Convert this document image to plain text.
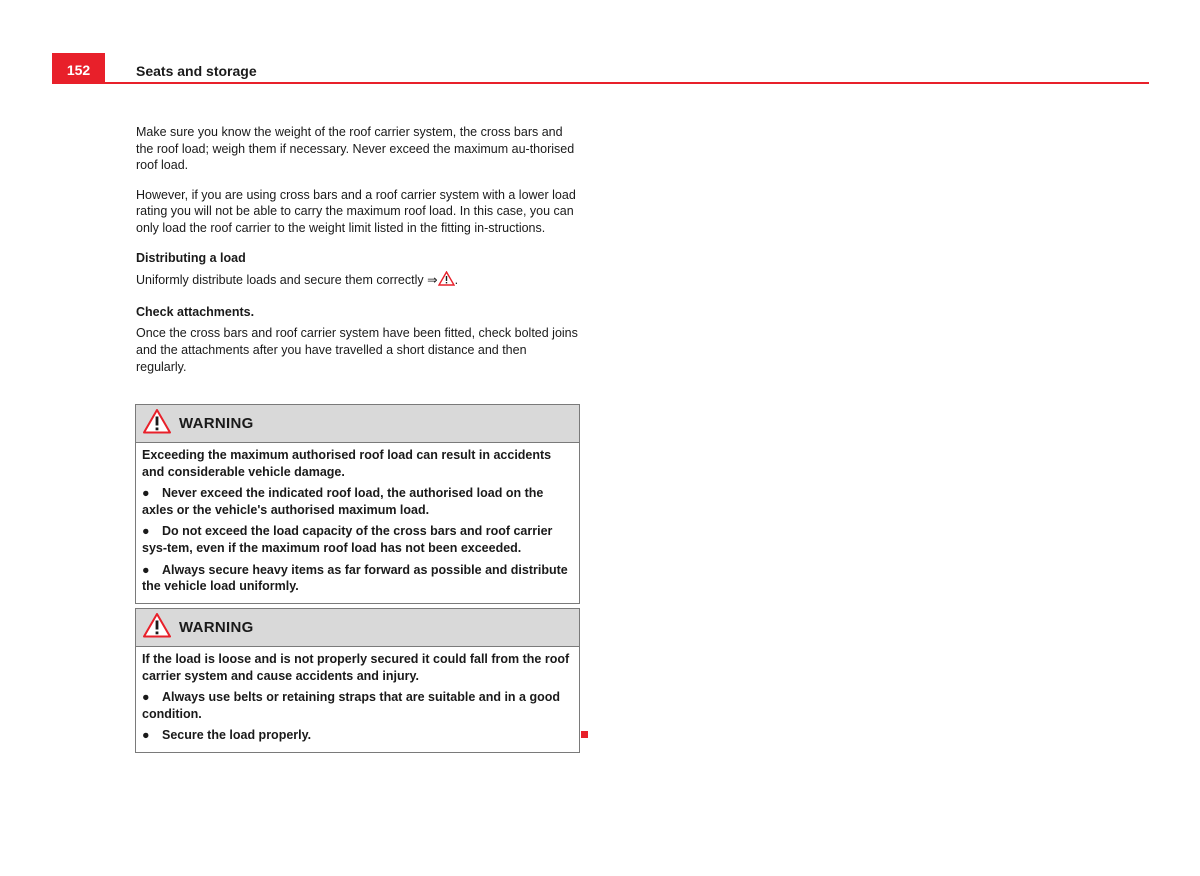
152	Seats and storage

Make sure you know the weight of the roof carrier system, the cross bars and the roof load; weigh them if necessary. Never exceed the maximum au-thorised roof load.

However, if you are using cross bars and a roof carrier system with a lower load rating you will not be able to carry the maximum roof load. In this case, you can only load the roof carrier to the weight limit listed in the fitting in-structions.

Distributing a load

Uniformly distribute loads and secure them correctly ⇒ .

Check attachments.

Once the cross bars and roof carrier system have been fitted, check bolted joins and the attachments after you have travelled a short distance and then regularly.

WARNING

Exceeding the maximum authorised roof load can result in accidents and considerable vehicle damage.

● Never exceed the indicated roof load, the authorised load on the axles or the vehicle's authorised maximum load.

● Do not exceed the load capacity of the cross bars and roof carrier sys-tem, even if the maximum roof load has not been exceeded.

● Always secure heavy items as far forward as possible and distribute the vehicle load uniformly.

WARNING

If the load is loose and is not properly secured it could fall from the roof carrier system and cause accidents and injury.

● Always use belts or retaining straps that are suitable and in a good condition.

● Secure the load properly.
